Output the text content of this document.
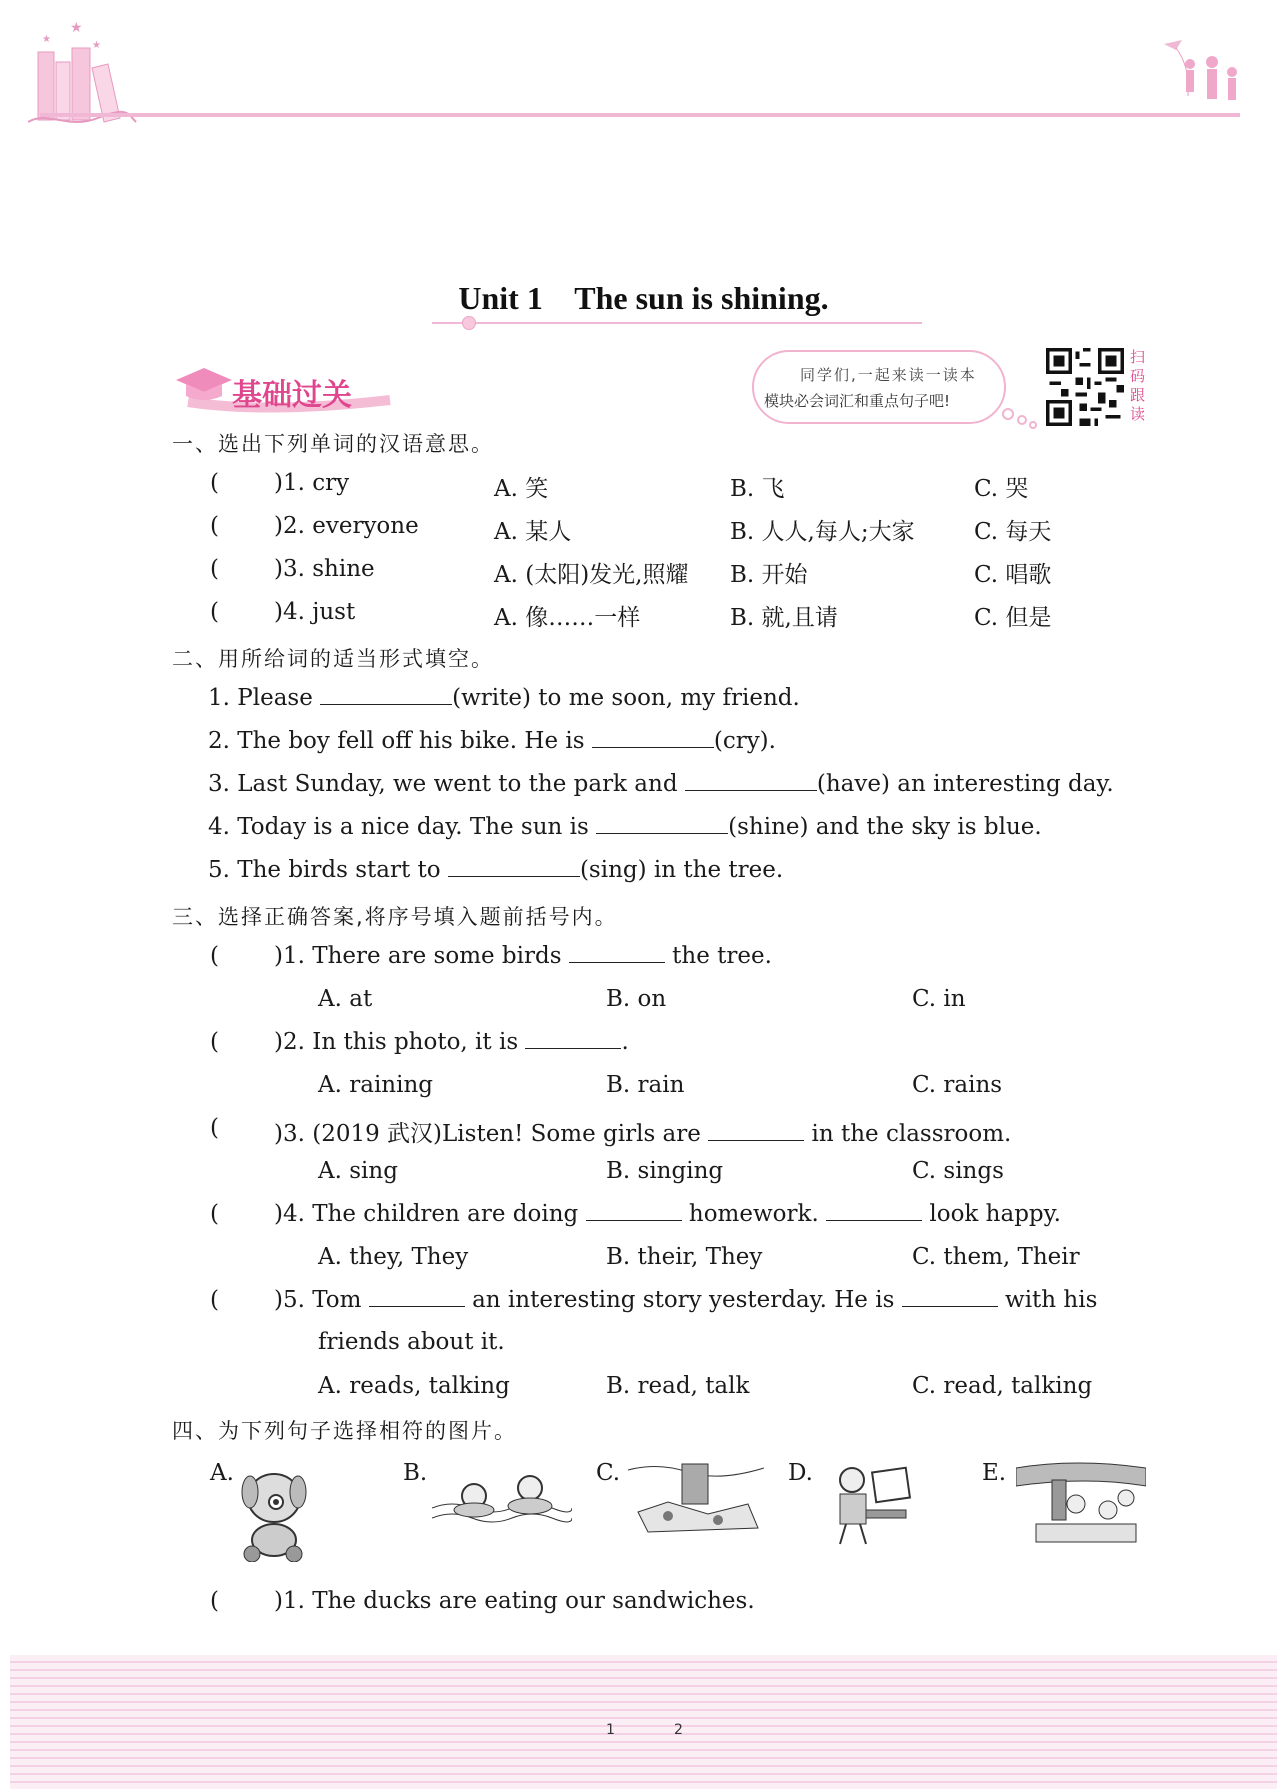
★
★
★
Unit 1    The sun is shining.
基础过关
同学们,一起来读一读本
模块必会词汇和重点句子吧!
扫码跟读
一、选出下列单词的汉语意思。
( )1. cry	A. 笑	B. 飞	C. 哭
( )2. everyone	A. 某人	B. 人人,每人;大家	C. 每天
( )3. shine	A. (太阳)发光,照耀 B. 开始	C. 唱歌
( )4. just	A. 像……一样	B. 就,且请	C. 但是
二、用所给词的适当形式填空。
1. Please	(write) to me soon, my friend.
2. The boy fell off his bike. He is	(cry).
3. Last Sunday, we went to the park and	(have) an interesting day.
4. Today is a nice day. The sun is	(shine) and the sky is blue.
5. The birds start to	(sing) in the tree.
三、选择正确答案,将序号填入题前括号内。
( )1. There are some birds	the tree.
A. at	B. on	C. in
( )2. In this photo, it is	.
A. raining	B. rain	C. rains
( )3. (2019 武汉)Listen! Some girls are	in the classroom.
A. sing	B. singing	C. sings
( )4. The children are doing	homework.	look happy.
A. they, They	B. their, They	C. them, Their
( )5. Tom	an interesting story yesterday. He is	with his
friends about it.
A. reads, talking	B. read, talk	C. read, talking
四、为下列句子选择相符的图片。
A.	B.	C.	D.	E.
( )1. The ducks are eating our sandwiches.
1	2
